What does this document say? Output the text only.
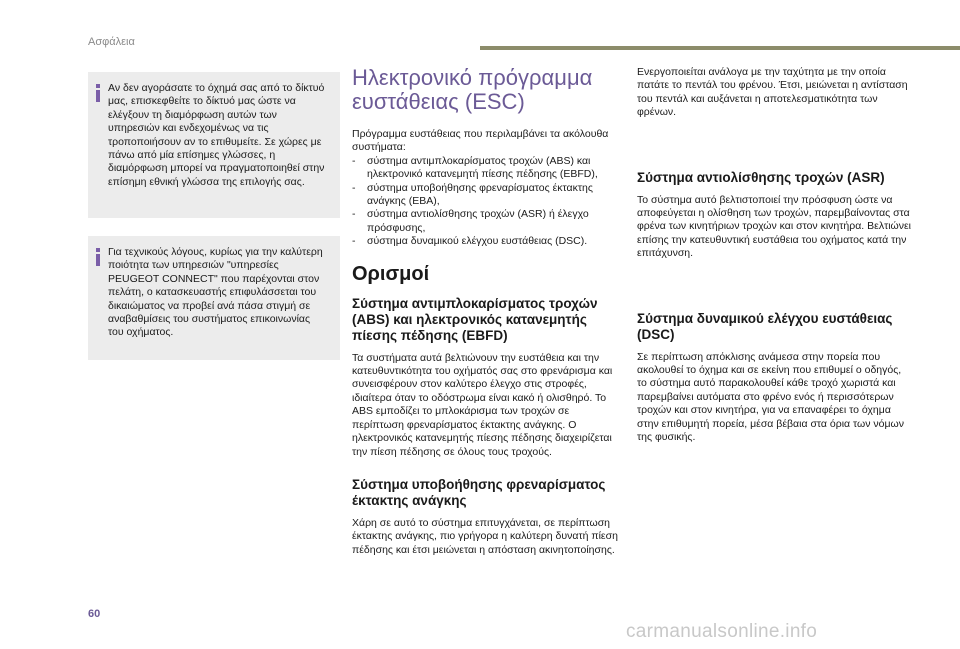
Ασφάλεια

Αν δεν αγοράσατε το όχημά σας από το δίκτυό μας, επισκεφθείτε το δίκτυό μας ώστε να ελέγξουν τη διαμόρφωση αυτών των υπηρεσιών και ενδεχομένως να τις τροποποιήσουν αν το επιθυμείτε. Σε χώρες με πάνω από μία επίσημες γλώσσες, η διαμόρφωση μπορεί να πραγματοποιηθεί στην επίσημη εθνική γλώσσα της επιλογής σας.

Για τεχνικούς λόγους, κυρίως για την καλύτερη ποιότητα των υπηρεσιών "υπηρεσίες PEUGEOT CONNECT" που παρέχονται στον πελάτη, ο κατασκευαστής επιφυλάσσεται του δικαιώματος να προβεί ανά πάσα στιγμή σε αναβαθμίσεις του συστήματος επικοινωνίας του οχήματος.

Ηλεκτρονικό πρόγραμμα ευστάθειας (ESC)

Πρόγραμμα ευστάθειας που περιλαμβάνει τα ακόλουθα συστήματα:

- σύστημα αντιμπλοκαρίσματος τροχών (ABS) και ηλεκτρονικό κατανεμητή πίεσης πέδησης (EBFD),
- σύστημα υποβοήθησης φρεναρίσματος έκτακτης ανάγκης (EBA),
- σύστημα αντιολίσθησης τροχών (ASR) ή έλεγχο πρόσφυσης,
- σύστημα δυναμικού ελέγχου ευστάθειας (DSC).
Ορισμοί
Σύστημα αντιμπλοκαρίσματος τροχών (ABS) και ηλεκτρονικός κατανεμητής πίεσης πέδησης (EBFD)

Τα συστήματα αυτά βελτιώνουν την ευστάθεια και την κατευθυντικότητα του οχήματός σας στο φρενάρισμα και συνεισφέρουν στον καλύτερο έλεγχο στις στροφές, ιδιαίτερα όταν το οδόστρωμα είναι κακό ή ολισθηρό. Το ABS εμποδίζει το μπλοκάρισμα των τροχών σε περίπτωση φρεναρίσματος έκτακτης ανάγκης. Ο ηλεκτρονικός κατανεμητής πίεσης πέδησης διαχειρίζεται την πίεση πέδησης σε όλους τους τροχούς.

Σύστημα υποβοήθησης φρεναρίσματος έκτακτης ανάγκης

Χάρη σε αυτό το σύστημα επιτυγχάνεται, σε περίπτωση έκτακτης ανάγκης, πιο γρήγορα η καλύτερη δυνατή πίεση πέδησης και έτσι μειώνεται η απόσταση ακινητοποίησης.

Ενεργοποιείται ανάλογα με την ταχύτητα με την οποία πατάτε το πεντάλ του φρένου. Έτσι, μειώνεται η αντίσταση του πεντάλ και αυξάνεται η αποτελεσματικότητα των φρένων.

Σύστημα αντιολίσθησης τροχών (ASR)

Το σύστημα αυτό βελτιστοποιεί την πρόσφυση ώστε να αποφεύγεται η ολίσθηση των τροχών, παρεμβαίνοντας στα φρένα των κινητήριων τροχών και στον κινητήρα. Βελτιώνει επίσης την κατευθυντική ευστάθεια του οχήματος κατά την επιτάχυνση.

Σύστημα δυναμικού ελέγχου ευστάθειας (DSC)

Σε περίπτωση απόκλισης ανάμεσα στην πορεία που ακολουθεί το όχημα και σε εκείνη που επιθυμεί ο οδηγός, το σύστημα αυτό παρακολουθεί κάθε τροχό χωριστά και παρεμβαίνει αυτόματα στο φρένο ενός ή περισσότερων τροχών και στον κινητήρα, για να επαναφέρει το όχημα στην επιθυμητή πορεία, μέσα βέβαια στα όρια των νόμων της φυσικής.

60
carmanualsonline.info
